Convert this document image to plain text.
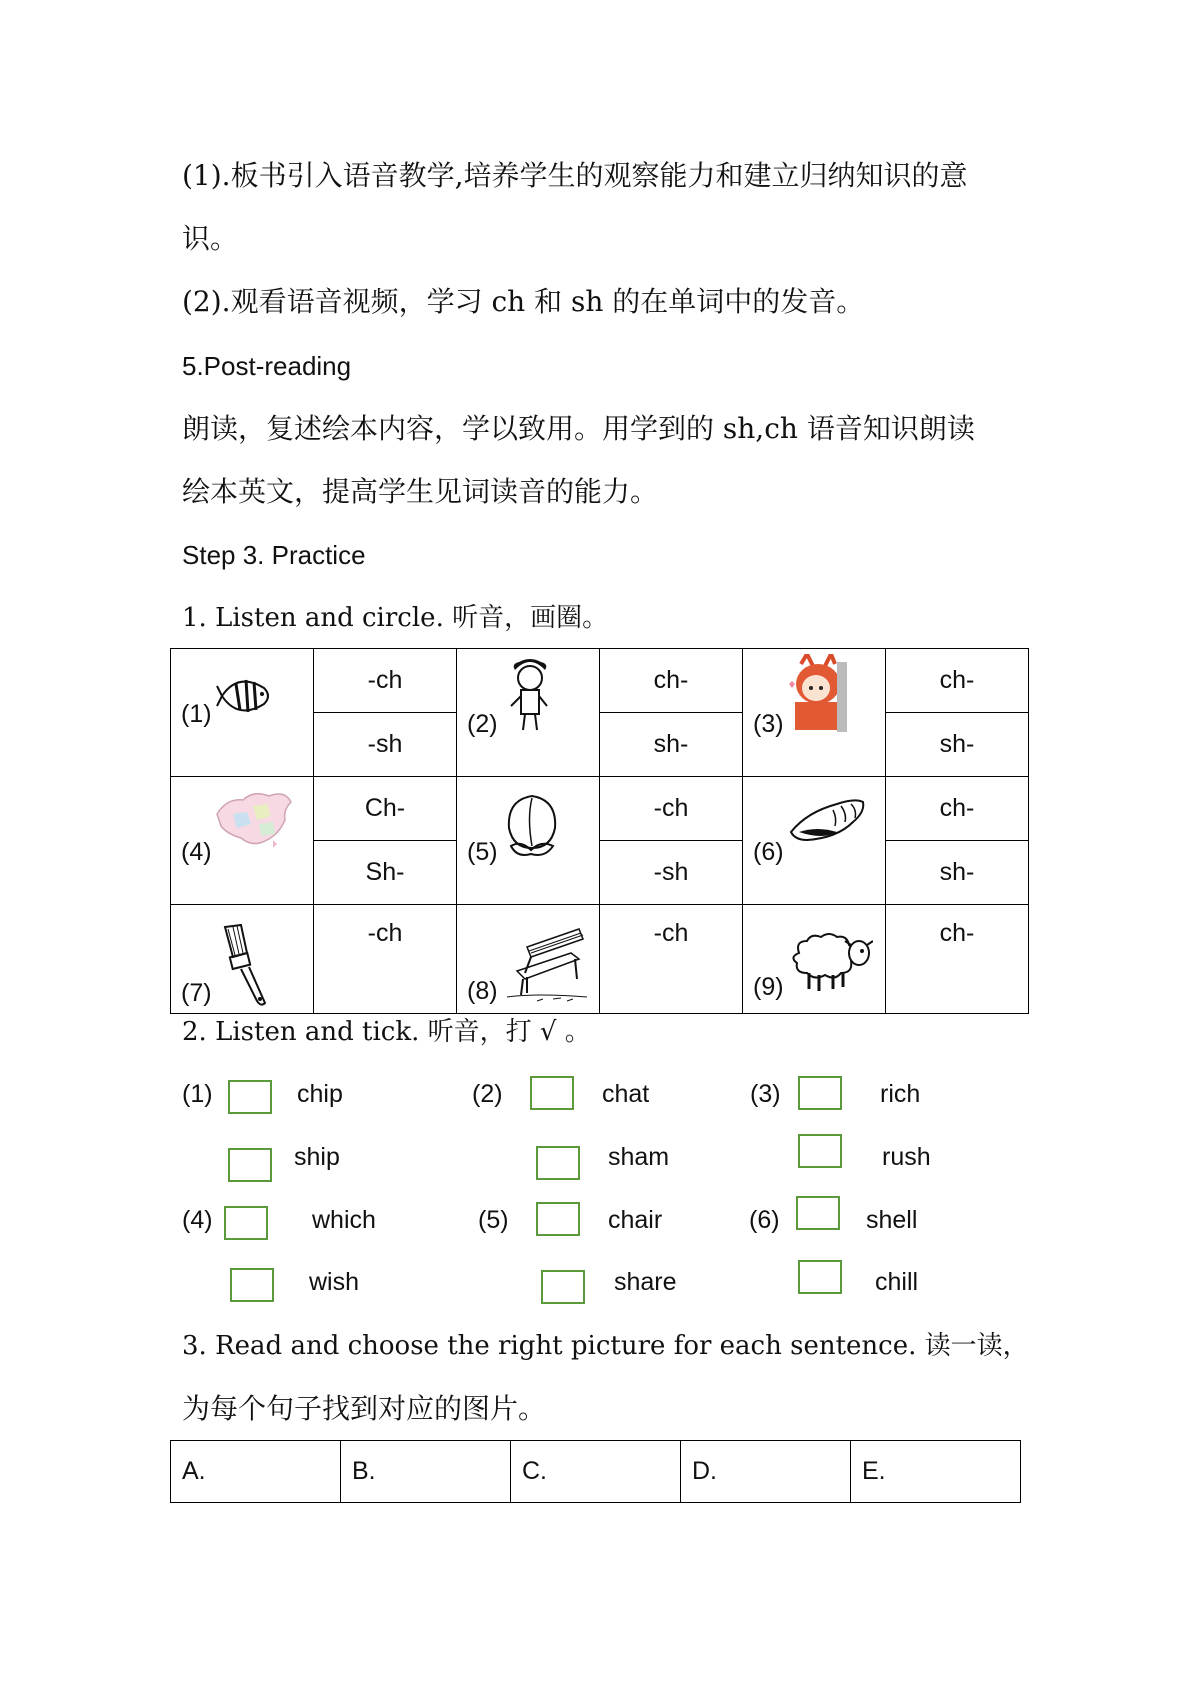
(1).板书引入语音教学,培养学生的观察能力和建立归纳知识的意
识。
(2).观看语音视频，学习 ch 和 sh 的在单词中的发音。
5.Post-reading
朗读，复述绘本内容，学以致用。用学到的 sh,ch 语音知识朗读
绘本英文，提高学生见词读音的能力。
Step 3. Practice
1. Listen and circle. 听音，画圈。
(1)	-ch	(2)	ch-	(3)	ch-
	-sh		sh-		sh-

(4)	Ch-	(5)	-ch	(6)	ch-
	Sh-		-sh		sh-

(7)	-ch	(8)	-ch	(9)	ch-
2. Listen and tick. 听音，打 √ 。
(1)	chip	(2)	chat	(3)	rich
ship	sham	rush
(4)	which	(5)	chair	(6)	shell
wish	share	chill
3. Read and choose the right picture for each sentence. 读一读，
为每个句子找到对应的图片。
A.	B.	C.	D.	E.
